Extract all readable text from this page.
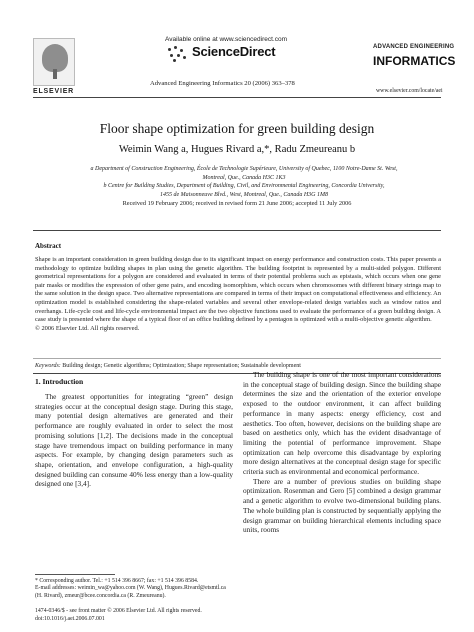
ELSEVIER
Available online at www.sciencedirect.com
ScienceDirect
Advanced Engineering Informatics 20 (2006) 363–378
ADVANCED ENGINEERING
INFORMATICS
www.elsevier.com/locate/aei
Floor shape optimization for green building design
Weimin Wang a, Hugues Rivard a,*, Radu Zmeureanu b
a Department of Construction Engineering, École de Technologie Supérieure, University of Quebec, 1100 Notre-Dame St. West,
Montreal, Que., Canada H3C 1K3
b Centre for Building Studies, Department of Building, Civil, and Environmental Engineering, Concordia University,
1455 de Maisonneuve Blvd., West, Montreal, Que., Canada H3G 1M8
Received 19 February 2006; received in revised form 21 June 2006; accepted 11 July 2006
Abstract
Shape is an important consideration in green building design due to its significant impact on energy performance and construction costs. This paper presents a methodology to optimize building shapes in plan using the genetic algorithm. The building footprint is represented by a multi-sided polygon. Different geometrical representations for a polygon are considered and evaluated in terms of their potential problems such as epistasis, which occurs when one gene pair masks or modifies the expression of other gene pairs, and encoding isomorphism, which occurs when chromosomes with different binary strings map to the same solution in the design space. Two alternative representations are compared in terms of their impact on computational effectiveness and efficiency. An optimization model is established considering the shape-related variables and several other envelope-related design variables such as window ratios and overhangs. Life-cycle cost and life-cycle environmental impact are the two objective functions used to evaluate the performance of a green building design. A case study is presented where the shape of a typical floor of an office building defined by a pentagon is optimized with a multi-objective genetic algorithm.
© 2006 Elsevier Ltd. All rights reserved.
Keywords: Building design; Genetic algorithms; Optimization; Shape representation; Sustainable development
1. Introduction
The greatest opportunities for integrating “green” design strategies occur at the conceptual design stage. During this stage, many potential design alternatives are generated and their performance are roughly evaluated in order to select the most promising solutions [1,2]. The decisions made in the conceptual stage have tremendous impact on building performance in many aspects. For example, by changing design parameters such as shape, orientation, and envelope configuration, a high-quality designed building can consume 40% less energy than a low-quality designed one [3,4].

The building shape is one of the most important considerations in the conceptual stage of building design. Since the building shape determines the size and the orientation of the exterior envelope exposed to the outdoor environment, it can affect building performance in many aspects: energy efficiency, cost and aesthetics. Too often, however, decisions on the building shape are based on aesthetics only, which has the evident disadvantage of limiting the potential of performance improvement. Shape optimization can help overcome this disadvantage by exploring more design alternatives at the conceptual design stage for specific criteria such as environmental and economical performance.

There are a number of previous studies on building shape optimization. Rosenman and Gero [5] combined a design grammar and a genetic algorithm to evolve two-dimensional building plans. The whole building plan is constructed by sequentially applying the design grammar on building hierarchical elements including space units, rooms

* Corresponding author. Tel.: +1 514 396 8667; fax: +1 514 396 8584.
E-mail addresses: weimin_wa@yahoo.com (W. Wang), Hugues.Rivard@etsmtl.ca (H. Rivard), zmeur@bcee.concordia.ca (R. Zmeureanu).
1474-0346/$ - see front matter © 2006 Elsevier Ltd. All rights reserved.
doi:10.1016/j.aei.2006.07.001
